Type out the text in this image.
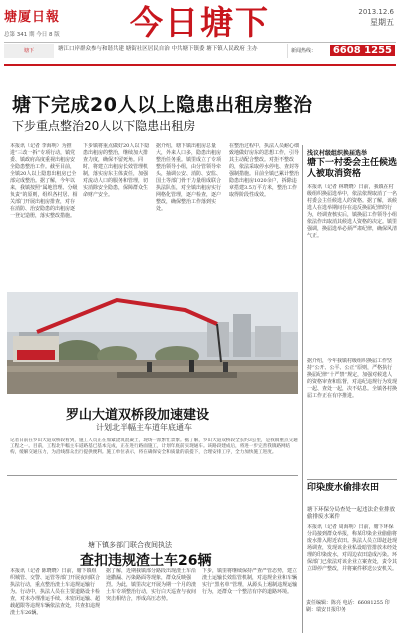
塘厦日報	今日塘下	2013.12.6
星期五
总第 341 期 今日 8 版
塘下	塘江口岸群众参与和谐共建 塘街社区居民自治 中共塘下镇委 塘下镇人民政府 主办	新闻热线：	6608 1255
塘下完成20人以上隐患出租房整治
下步重点整治20人以下隐患出租房
本报讯（记者 李海明）为推进“三改一拆”专项行动，镇党委、镇政府高度重视出租房安全隐患整治工作。截至目前，全镇20人以上隐患出租房已全部完成整治。据了解，今年以来，我镇按照“属地管理、分级负责”的原则，组织各村居、相关部门开展出租房排查，对存在消防、治安隐患的出租房逐一登记造册，落实整改措施。
下步镇将重点做好20人以下隐患出租房的整治，继续加大排查力度，确保不留死角。同时，将建立出租房长效管理机制，落实房东主体责任，加强对流动人口的服务和管理，切实消除安全隐患，保障群众生命财产安全。
据介绍，塘下镇出租房总量大，外来人口多，隐患出租房整治任务重。镇里成立了专项整治领导小组，由分管领导牵头，抽调公安、消防、安监、国土等部门骨干力量组成联合执法队伍，对全镇出租房实行网格化管理，逐户检查，逐户整改，确保整治工作落到实处。
在整治过程中，执法人员耐心细致地做好房东的思想工作，引导其主动配合整改。对拒不整改的，依法采取停水停电、查封等强制措施。目前全镇已累计整治隐患出租房1020余户，拆除违章搭建3.5万平方米，整治工作取得阶段性成效。
罗山大道双桥段加速建设
计划北半幅主车道年底通车
记者日前在罗山大道双桥段看到，施工人员正在加紧浇筑混凝土，现场一派繁忙景象。据了解，罗山大道双桥段全长约3公里，是我镇重点交通工程之一。目前，工程北半幅主车道路基已基本完成，正在进行路面施工，计划年底前实现通车。该路段建成后，将进一步完善我镇路网结构，缓解交通压力，为沿线群众出行提供便利。施工单位表示，将在确保安全和质量的前提下，合理安排工序，全力加快施工进度。
塘下镇多部门联合夜间执法
查扣违规渣土车26辆
本报讯（记者 陈晓晓）日前，塘下镇组织城管、交警、运管等部门开展夜间联合执法行动，重点整治渣土车违规运输行为。行动中，执法人员在主要道路设卡检查，对未办理准运手续、未密闭运输、超载超限等违规车辆依法查处，共查扣违规渣土车26辆。
据了解，近期我镇部分路段出现渣土车沿途撒漏、污染路面等现象，群众反映强烈。为此，镇里决定开展为期一个月的渣土车专项整治行动，实行白天巡查与夜间突击相结合，形成高压态势。
下步，镇里将继续保持严查严管态势，建立渣土运输长效监管机制，对违规企业和车辆实行“黑名单”管理，从源头上遏制违规运输行为，还群众一个整洁有序的道路环境。
浅议村级组织换届选举
塘下一村委会主任候选人被取消资格
本报讯（记者 林晓晓）日前，我镇在村级组织换届选举中，依法依规取消了一名村委会主任候选人的资格。据了解，该候选人在选举期间存在违反换届纪律的行为，经调查核实后，镇换届工作领导小组依法作出取消其候选人资格的决定。镇里强调，换届选举必须严肃纪律，确保风清气正。
据介绍，今年我镇村级组织换届工作坚持“公开、公平、公正”原则，严格执行换届纪律“十严禁”规定，加强对候选人的资格审查和监督，对违纪违规行为发现一起、查处一起，决不姑息。全镇各村换届工作正在有序推进。
印染废水偷排农田
塘下环保分局查处一起违法企业排放偷排废水案件
本报讯（记者 周海明）日前，塘下环保分局接到群众举报，称某印染企业偷偷将废水排入附近农田。执法人员立即赶赴现场调查，发现该企业私设暗管排放未经处理的印染废水，对周边农田造成污染。环保部门已依法对该企业立案查处，责令其立即停产整改，并将案件移送公安机关。
责任编辑：陈亮 电话：66081255 印刷：瑞安日报印务
